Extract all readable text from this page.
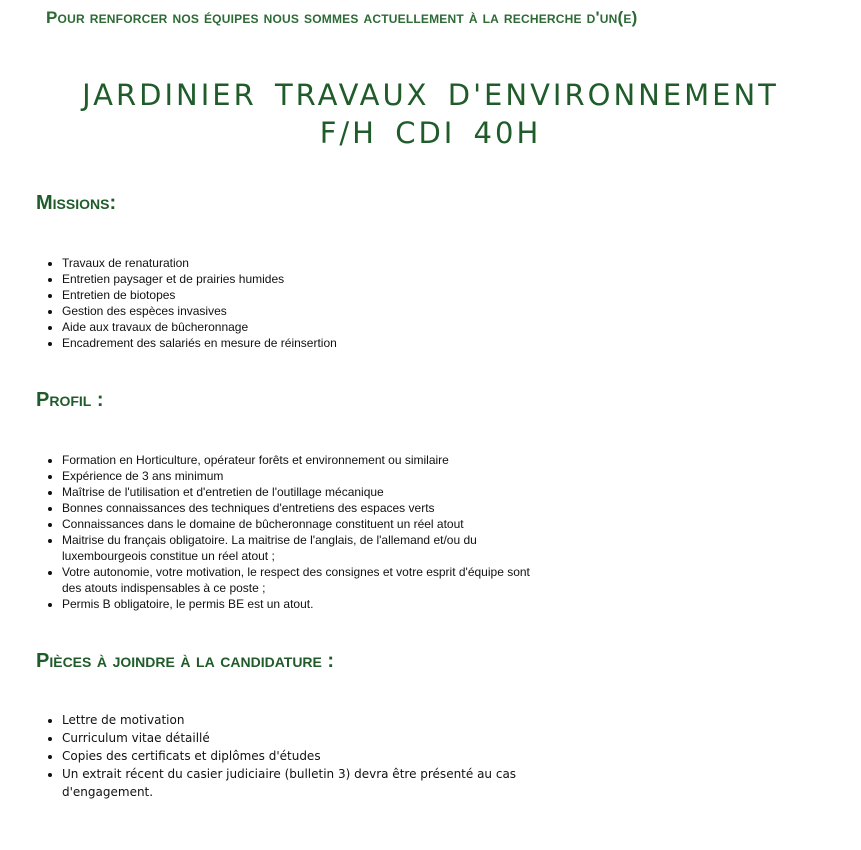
Pour renforcer nos équipes nous sommes actuellement à la recherche d'un(e)
JARDINIER TRAVAUX D'ENVIRONNEMENT
F/H CDI 40H
Missions:
• Travaux de renaturation
• Entretien paysager et de prairies humides
• Entretien de biotopes
• Gestion des espèces invasives
• Aide aux travaux de bûcheronnage
• Encadrement des salariés en mesure de réinsertion
Profil :
• Formation en Horticulture, opérateur forêts et environnement ou similaire
• Expérience de 3 ans minimum
• Maîtrise de l'utilisation et d'entretien de l'outillage mécanique
• Bonnes connaissances des techniques d'entretiens des espaces verts
• Connaissances dans le domaine de bûcheronnage constituent un réel atout
• Maitrise du français obligatoire. La maitrise de l'anglais, de l'allemand et/ou du luxembourgeois constitue un réel atout ;
• Votre autonomie, votre motivation, le respect des consignes et votre esprit d'équipe sont des atouts indispensables à ce poste ;
• Permis B obligatoire, le permis BE est un atout.
Pièces à joindre à la candidature :
• Lettre de motivation
• Curriculum vitae détaillé
• Copies des certificats et diplômes d'études
• Un extrait récent du casier judiciaire (bulletin 3) devra être présenté au cas d'engagement.
